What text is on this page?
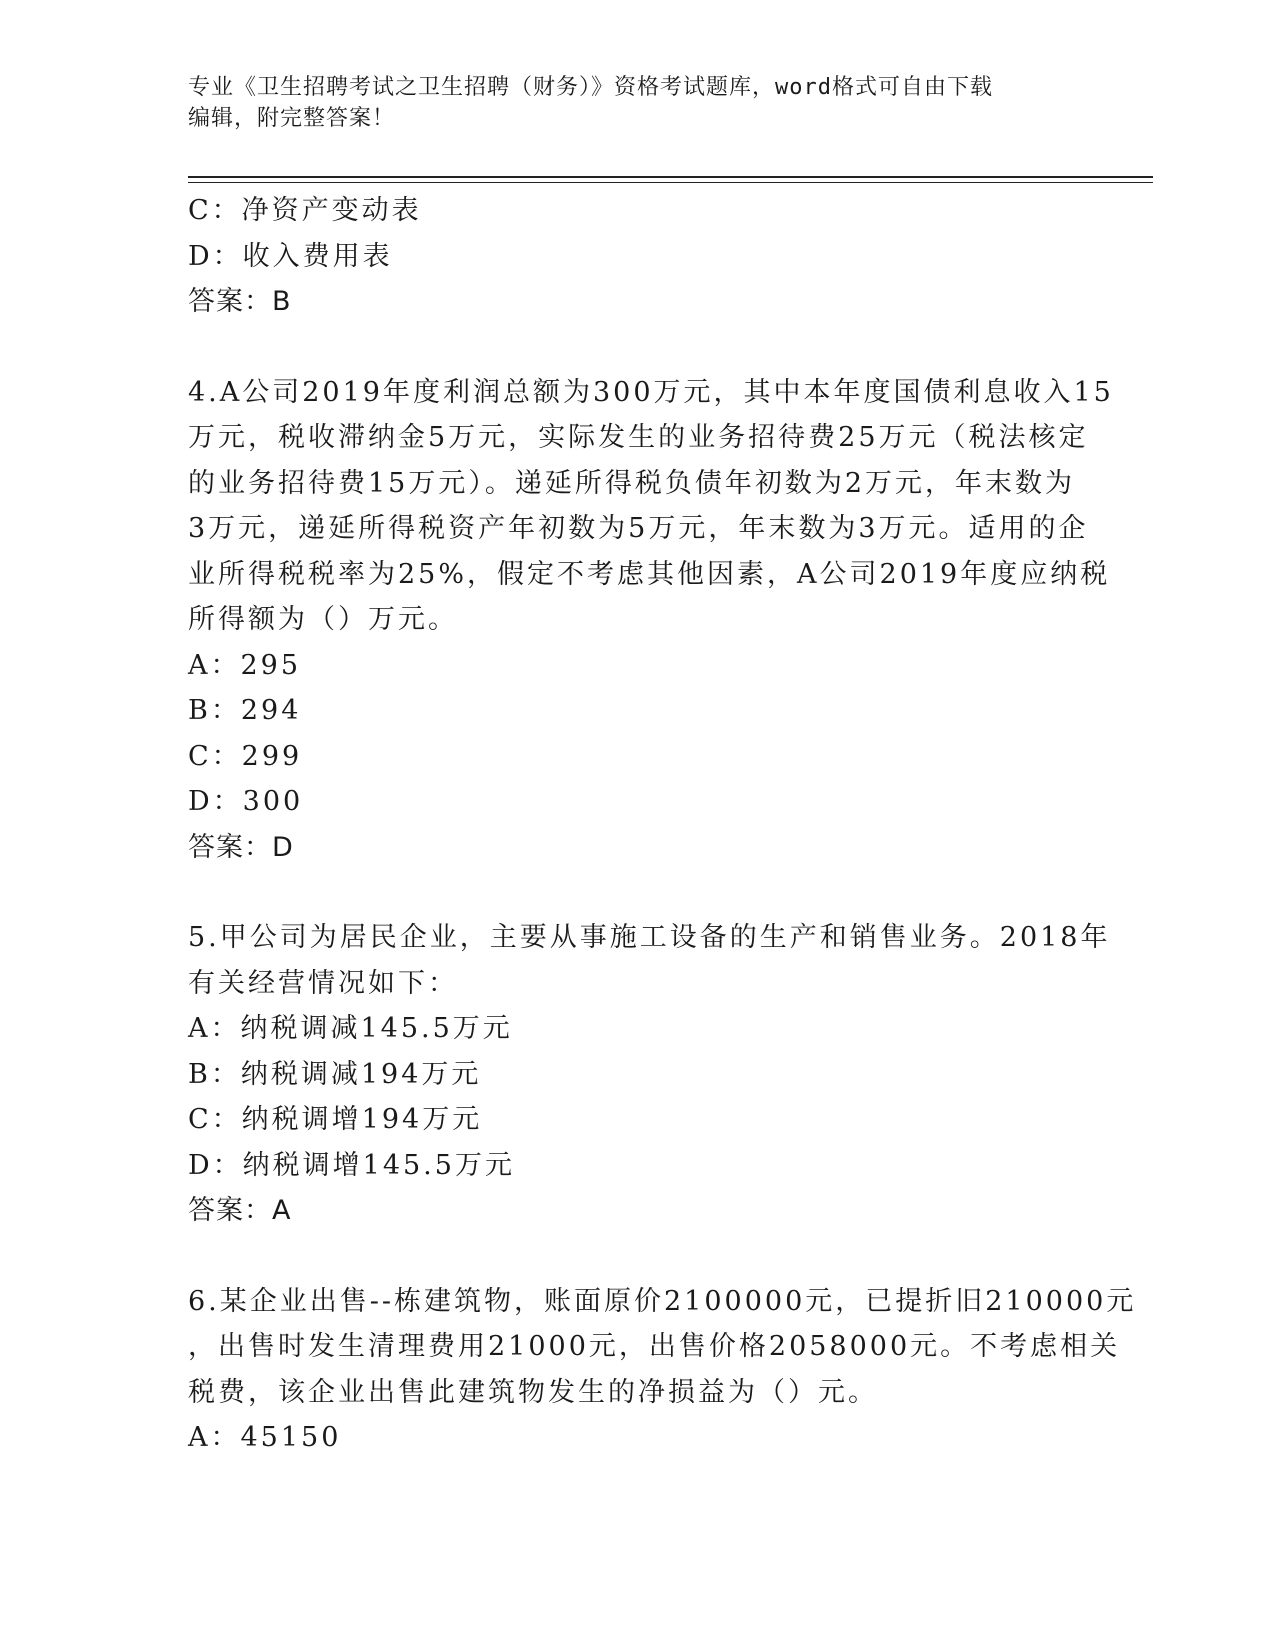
专业《卫生招聘考试之卫生招聘（财务）》资格考试题库，word格式可自由下载
编辑，附完整答案！
C：净资产变动表
D：收入费用表
答案：B
4.A公司2019年度利润总额为300万元，其中本年度国债利息收入15
万元，税收滞纳金5万元，实际发生的业务招待费25万元（税法核定
的业务招待费15万元）。递延所得税负债年初数为2万元，年末数为
3万元，递延所得税资产年初数为5万元，年末数为3万元。适用的企
业所得税税率为25%，假定不考虑其他因素，A公司2019年度应纳税
所得额为（）万元。
A：295
B：294
C：299
D：300
答案：D
5.甲公司为居民企业，主要从事施工设备的生产和销售业务。2018年
有关经营情况如下：
A：纳税调减145.5万元
B：纳税调减194万元
C：纳税调增194万元
D：纳税调增145.5万元
答案：A
6.某企业出售--栋建筑物，账面原价2100000元，已提折旧210000元
，出售时发生清理费用21000元，出售价格2058000元。不考虑相关
税费，该企业出售此建筑物发生的净损益为（）元。
A：45150
